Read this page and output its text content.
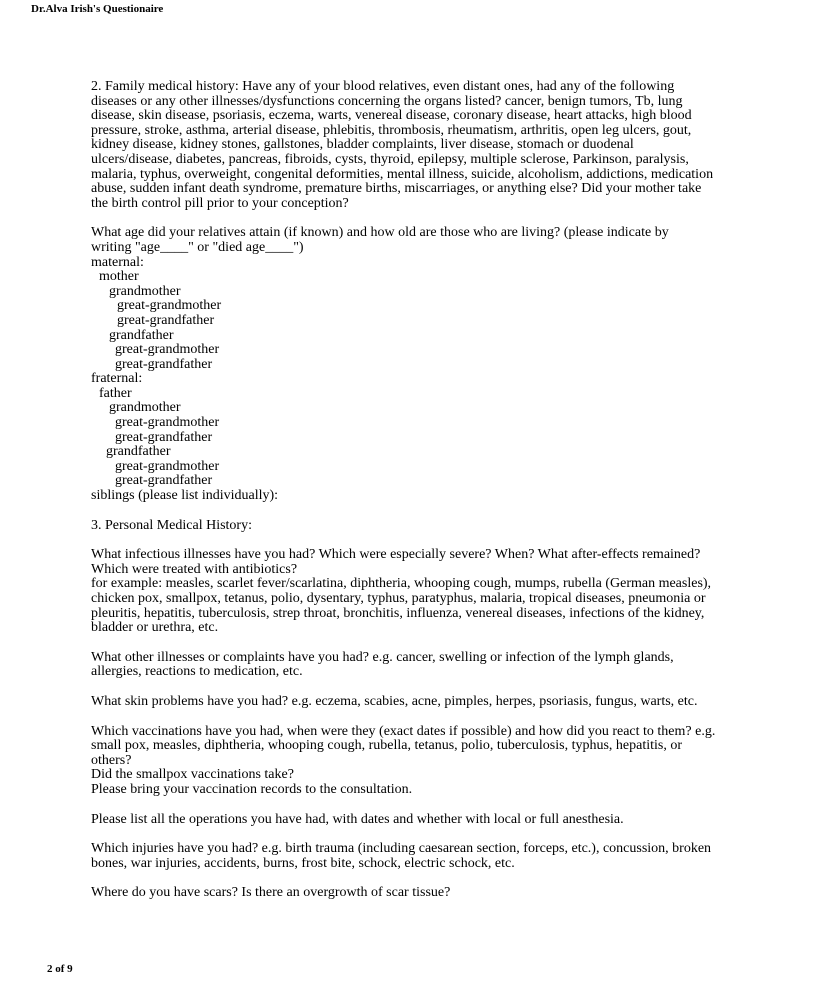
Dr.Alva Irish's Questionaire

2. Family medical history: Have any of your blood relatives, even distant ones, had any of the following diseases or any other illnesses/dysfunctions concerning the organs listed? cancer, benign tumors, Tb, lung disease, skin disease, psoriasis, eczema, warts, venereal disease, coronary disease, heart attacks, high blood pressure, stroke, asthma, arterial disease, phlebitis, thrombosis, rheumatism, arthritis, open leg ulcers, gout, kidney disease, kidney stones, gallstones, bladder complaints, liver disease, stomach or duodenal ulcers/disease, diabetes, pancreas, fibroids, cysts, thyroid, epilepsy, multiple sclerose, Parkinson, paralysis, malaria, typhus, overweight, congenital deformities, mental illness, suicide, alcoholism, addictions, medication abuse, sudden infant death syndrome, premature births, miscarriages, or anything else? Did your mother take the birth control pill prior to your conception?

What age did your relatives attain (if known) and how old are those who are living? (please indicate by
writing "age____" or "died age____")
maternal:
mother
grandmother
great-grandmother
great-grandfather
grandfather
great-grandmother
great-grandfather
fraternal:
father
grandmother
great-grandmother
great-grandfather
grandfather
great-grandmother
great-grandfather
siblings (please list individually):

3. Personal Medical History:

What infectious illnesses have you had? Which were especially severe? When? What after-effects remained? Which were treated with antibiotics?
for example: measles, scarlet fever/scarlatina, diphtheria, whooping cough, mumps, rubella (German measles), chicken pox, smallpox, tetanus, polio, dysentary, typhus, paratyphus, malaria, tropical diseases, pneumonia or pleuritis, hepatitis, tuberculosis, strep throat, bronchitis, influenza, venereal diseases, infections of the kidney, bladder or urethra, etc.

What other illnesses or complaints have you had? e.g. cancer, swelling or infection of the lymph glands, allergies, reactions to medication, etc.

What skin problems have you had? e.g. eczema, scabies, acne, pimples, herpes, psoriasis, fungus, warts, etc.

Which vaccinations have you had, when were they (exact dates if possible) and how did you react to them? e.g. small pox, measles, diphtheria, whooping cough, rubella, tetanus, polio, tuberculosis, typhus, hepatitis, or others?
Did the smallpox vaccinations take?
Please bring your vaccination records to the consultation.

Please list all the operations you have had, with dates and whether with local or full anesthesia.

Which injuries have you had? e.g. birth trauma (including caesarean section, forceps, etc.), concussion, broken bones, war injuries, accidents, burns, frost bite, schock, electric schock, etc.

Where do you have scars? Is there an overgrowth of scar tissue?

2 of 9
